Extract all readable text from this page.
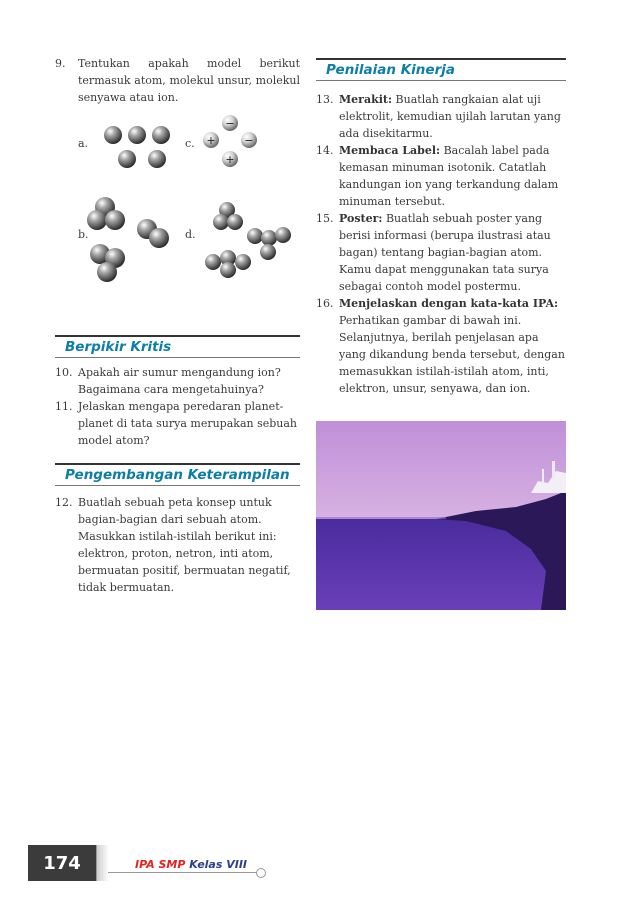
9.	Tentukan apakah model berikut termasuk atom, molekul unsur, molekul senyawa atau ion.
a.	c.
b.	d.
−
+	−
+
Berpikir Kritis
10. Apakah air sumur mengandung ion? Bagaimana cara mengetahuinya?
11. Jelaskan mengapa peredaran planet-planet di tata surya merupakan sebuah model atom?
Pengembangan Keterampilan
12. Buatlah sebuah peta konsep untuk bagian-bagian dari sebuah atom. Masukkan istilah-istilah berikut ini: elektron, proton, netron, inti atom, bermuatan positif, bermuatan negatif, tidak bermuatan.
Penilaian Kinerja
13. Merakit: Buatlah rangkaian alat uji elektrolit, kemudian ujilah larutan yang ada disekitarmu.
14. Membaca Label: Bacalah label pada kemasan minuman isotonik. Catatlah kandungan ion yang terkandung dalam minuman tersebut.
15. Poster: Buatlah sebuah poster yang berisi informasi (berupa ilustrasi atau bagan) tentang bagian-bagian atom. Kamu dapat menggunakan tata surya sebagai contoh model postermu.
16. Menjelaskan dengan kata-kata IPA: Perhatikan gambar di bawah ini. Selanjutnya, berilah penjelasan apa yang dikandung benda tersebut, dengan memasukkan istilah-istilah atom, inti, elektron, unsur, senyawa, dan ion.
174	IPA SMP Kelas VIII
